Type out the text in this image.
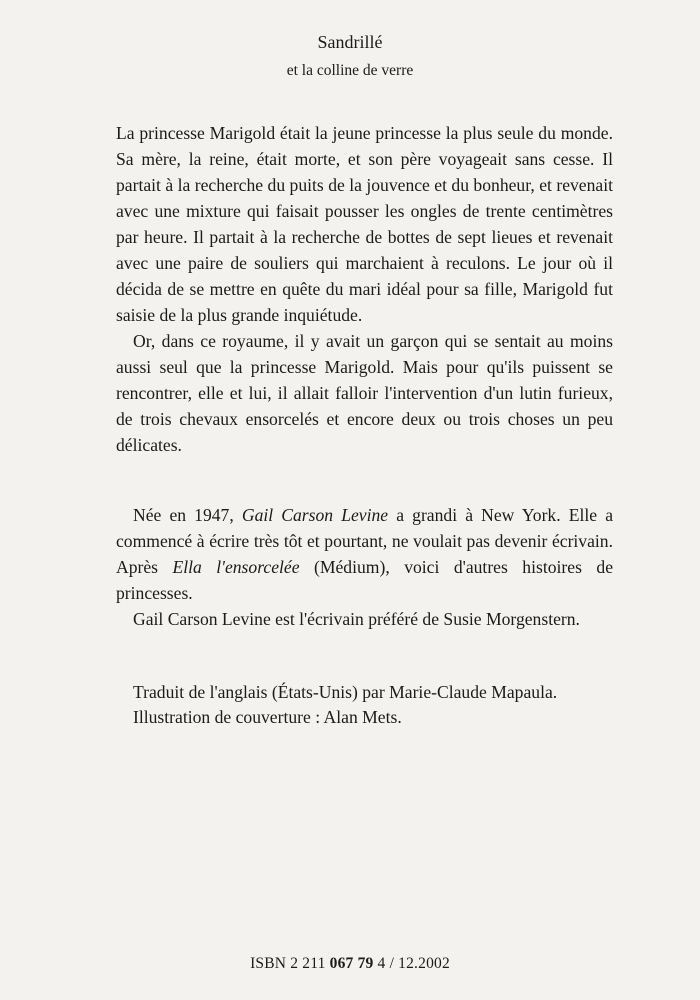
Sandrillé
et la colline de verre

La princesse Marigold était la jeune princesse la plus seule du monde. Sa mère, la reine, était morte, et son père voyageait sans cesse. Il partait à la recherche du puits de la jouvence et du bonheur, et revenait avec une mixture qui faisait pousser les ongles de trente centimètres par heure. Il partait à la recherche de bottes de sept lieues et revenait avec une paire de souliers qui marchaient à reculons. Le jour où il décida de se mettre en quête du mari idéal pour sa fille, Marigold fut saisie de la plus grande inquiétude.

Or, dans ce royaume, il y avait un garçon qui se sentait au moins aussi seul que la princesse Marigold. Mais pour qu'ils puissent se rencontrer, elle et lui, il allait falloir l'intervention d'un lutin furieux, de trois chevaux ensorcelés et encore deux ou trois choses un peu délicates.

Née en 1947, Gail Carson Levine a grandi à New York. Elle a commencé à écrire très tôt et pourtant, ne voulait pas devenir écrivain. Après Ella l'ensorcelée (Médium), voici d'autres histoires de princesses.

Gail Carson Levine est l'écrivain préféré de Susie Morgenstern.

Traduit de l'anglais (États-Unis) par Marie-Claude Mapaula.
Illustration de couverture : Alan Mets.
ISBN 2 211 067 79 4 / 12.2002
